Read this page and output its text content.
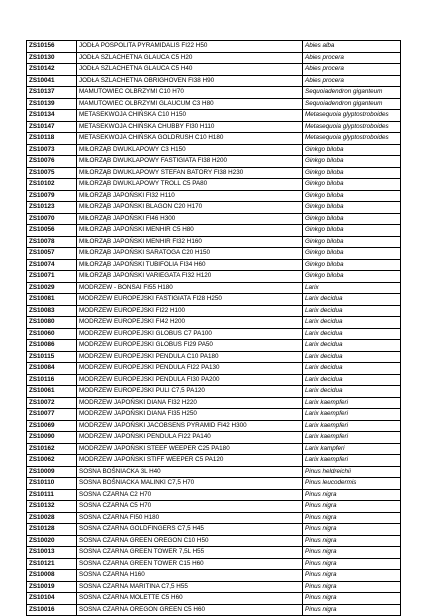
ZS10156	JODŁA POSPOLITA PYRAMIDALIS FI22 H50	Abies alba
ZS10130	JODŁA SZLACHETNA GLAUCA C5 H20	Abies procera
ZS10142	JODŁA SZLACHETNA GLAUCA C5 H40	Abies procera
ZS10041	JODŁA SZLACHETNA OBRIGHOVEN FI38 H90	Abies procera
ZS10137	MAMUTOWIEC OLBRZYMI C10 H70	Sequoiadendron giganteum
ZS10139	MAMUTOWIEC OLBRZYMI GLAUCUM C3 H80	Sequoiadendron giganteum
ZS10134	METASEKWOJA CHIŃSKA C10 H150	Metasequoia glyptostroboides
ZS10147	METASEKWOJA CHIŃSKA CHUBBY FI30 H110	Metasequoia glyptostroboides
ZS10118	METASEKWOJA CHIŃSKA GOLDRUSH C10 H180	Metasequoia glyptostroboides
ZS10073	MIŁORZĄB DWUKLAPOWY C3 H150	Ginkgo biloba
ZS10076	MIŁORZĄB DWUKLAPOWY FASTIGIATA FI38 H200	Ginkgo biloba
ZS10075	MIŁORZĄB DWUKLAPOWY STEFAN BATORY FI38 H230	Ginkgo biloba
ZS10102	MIŁORZĄB DWUKLAPOWY TROLL C5 PA80	Ginkgo biloba
ZS10079	MIŁORZĄB JAPOŃSKI FI32 H110	Ginkgo biloba
ZS10123	MIŁORZĄB JAPOŃSKI BLAGON C20 H170	Ginkgo biloba
ZS10070	MIŁORZĄB JAPOŃSKI FI46 H300	Ginkgo biloba
ZS10056	MIŁORZĄB JAPOŃSKI MENHIR C5 H80	Ginkgo biloba
ZS10078	MIŁORZĄB JAPOŃSKI MENHIR FI32 H160	Ginkgo biloba
ZS10057	MIŁORZĄB JAPOŃSKI SARATOGA C20 H150	Ginkgo biloba
ZS10074	MIŁORZĄB JAPOŃSKI TUBIFOLIA FI34 H60	Ginkgo biloba
ZS10071	MIŁORZĄB JAPOŃSKI VARIEGATA FI32 H120	Ginkgo biloba
ZS10029	MODRZEW - BONSAI FI55 H180	Larix
ZS10081	MODRZEW EUROPEJSKI FASTIGIATA FI28 H250	Larix decidua
ZS10083	MODRZEW EUROPEJSKI FI22 H100	Larix decidua
ZS10080	MODRZEW EUROPEJSKI FI42 H200	Larix decidua
ZS10060	MODRZEW EUROPEJSKI GLOBUS C7 PA100	Larix decidua
ZS10086	MODRZEW EUROPEJSKI GLOBUS FI29 PA50	Larix decidua
ZS10115	MODRZEW EUROPEJSKI PENDULA C10 PA180	Larix decidua
ZS10084	MODRZEW EUROPEJSKI PENDULA FI22 PA130	Larix decidua
ZS10116	MODRZEW EUROPEJSKI PENDULA FI30 PA200	Larix decidua
ZS10061	MODRZEW EUROPEJSKI PULI C7,5 PA120	Larix decidua
ZS10072	MODRZEW JAPOŃSKI DIANA FI32 H220	Larix kaempferi
ZS10077	MODRZEW JAPOŃSKI DIANA FI35 H250	Larix kaempferi
ZS10069	MODRZEW JAPOŃSKI JACOBSENS PYRAMID FI42 H300	Larix kaempferi
ZS10090	MODRZEW JAPOŃSKI PENDULA FI22 PA140	Larix kaempferi
ZS10162	MODRZEW JAPOŃSKI STEEF WEEPER C25 PA180	Larix kampferi
ZS10062	MODRZEW JAPOŃSKI STIFF WEEPER C5 PA120	Larix kaempferi
ZS10009	SOSNA BOŚNIACKA 3L H40	Pinus heldreichii
ZS10110	SOSNA BOŚNIACKA MALINKI C7,5 H70	Pinus leucodermis
ZS10111	SOSNA CZARNA C2 H70	Pinus nigra
ZS10132	SOSNA CZARNA C5 H70	Pinus nigra
ZS10028	SOSNA CZARNA FI50 H180	Pinus nigra
ZS10128	SOSNA CZARNA GOLDFINGERS C7,5 H45	Pinus nigra
ZS10020	SOSNA CZARNA GREEN OREGON C10 H50	Pinus nigra
ZS10013	SOSNA CZARNA GREEN TOWER 7,5L H55	Pinus nigra
ZS10121	SOSNA CZARNA GREEN TOWER C15 H60	Pinus nigra
ZS10008	SOSNA CZARNA H160	Pinus nigra
ZS10019	SOSNA CZARNA MARITINA C7,5 H55	Pinus nigra
ZS10104	SOSNA CZARNA MOLETTE C5 H60	Pinus nigra
ZS10016	SOSNA CZARNA OREGON GREEN C5 H60	Pinus nigra
